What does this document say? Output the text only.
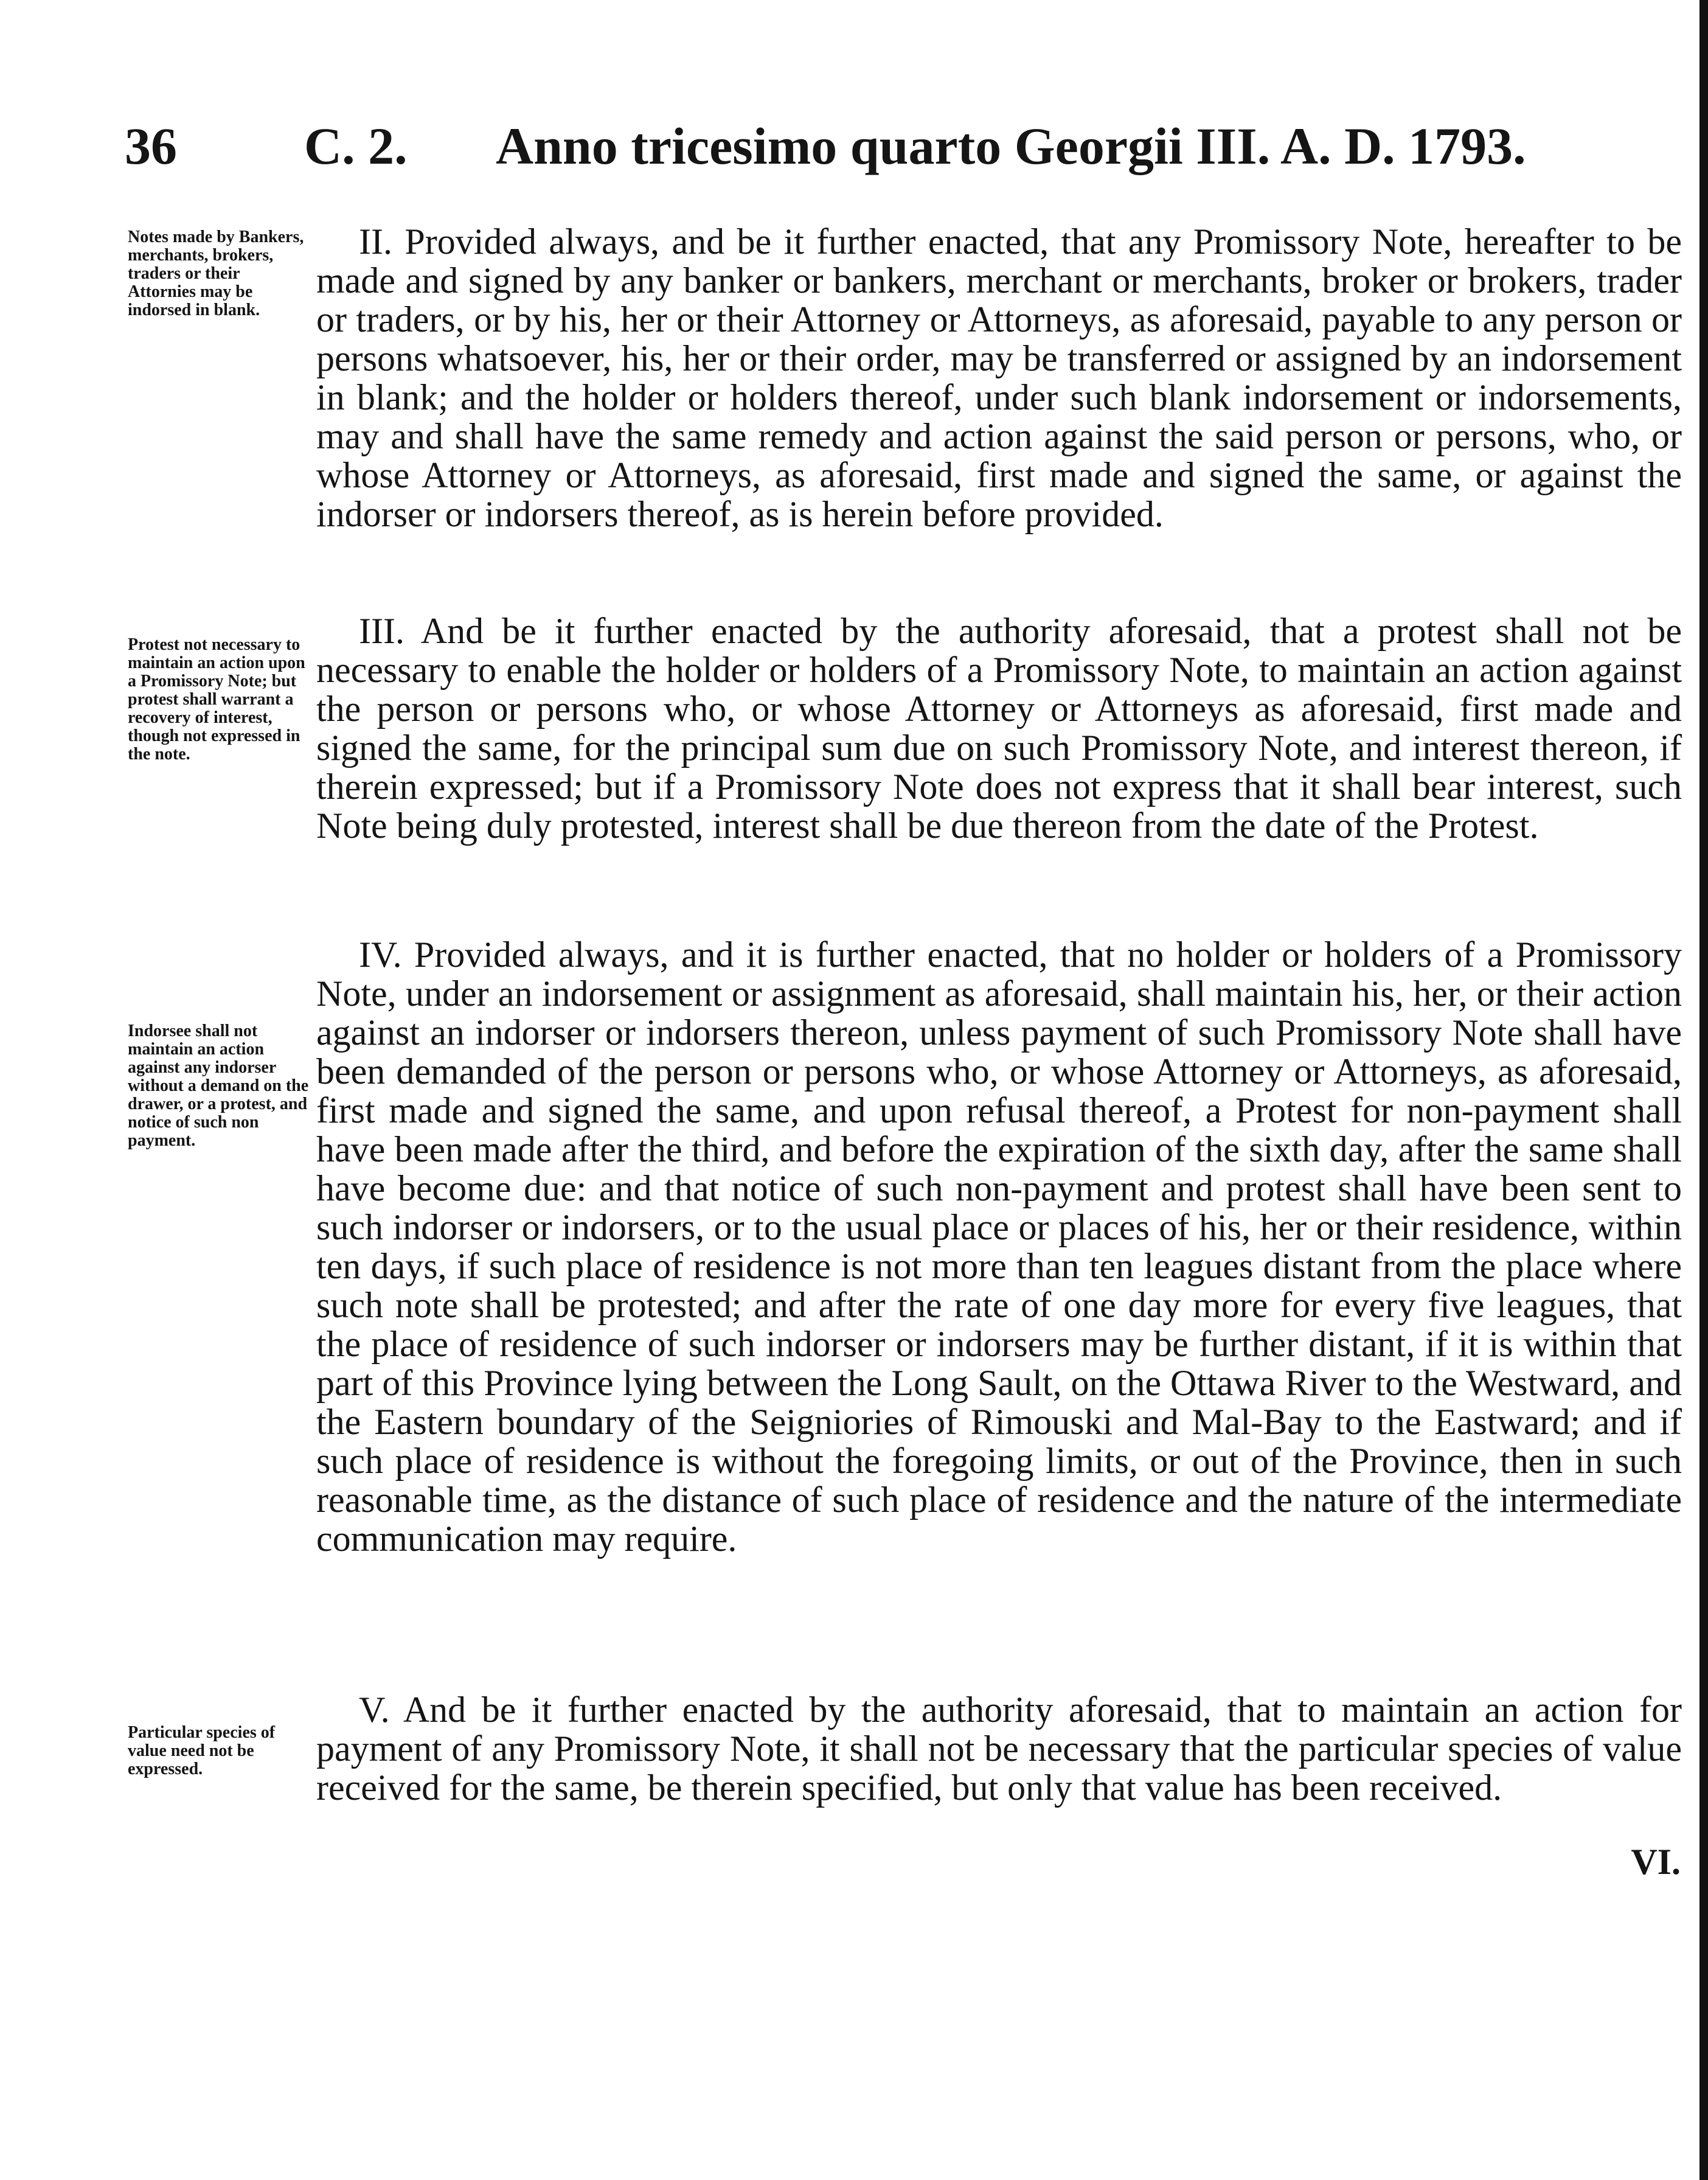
36 C. 2. Anno tricesimo quarto Georgii III. A. D. 1793.
Notes made by Bankers, merchants, brokers, traders or their Attornies may be indorsed in blank.
II. Provided always, and be it further enacted, that any Promissory Note, hereafter to be made and signed by any banker or bankers, merchant or merchants, broker or brokers, trader or traders, or by his, her or their Attorney or Attorneys, as aforesaid, payable to any person or persons whatsoever, his, her or their order, may be transferred or assigned by an indorsement in blank; and the holder or holders thereof, under such blank indorsement or indorsements, may and shall have the same remedy and action against the said person or persons, who, or whose Attorney or Attorneys, as aforesaid, first made and signed the same, or against the indorser or indorsers thereof, as is herein before provided.
Protest not necessary to maintain an action upon a Promissory Note; but protest shall warrant a recovery of interest, though not expressed in the note.
III. And be it further enacted by the authority aforesaid, that a protest shall not be necessary to enable the holder or holders of a Promissory Note, to maintain an action against the person or persons who, or whose Attorney or Attorneys as aforesaid, first made and signed the same, for the principal sum due on such Promissory Note, and interest thereon, if therein expressed; but if a Promissory Note does not express that it shall bear interest, such Note being duly protested, interest shall be due thereon from the date of the Protest.
Indorsee shall not maintain an action against any indorser without a demand on the drawer, or a protest, and notice of such non payment.
IV. Provided always, and it is further enacted, that no holder or holders of a Promissory Note, under an indorsement or assignment as aforesaid, shall maintain his, her, or their action against an indorser or indorsers thereon, unless payment of such Promissory Note shall have been demanded of the person or persons who, or whose Attorney or Attorneys, as aforesaid, first made and signed the same, and upon refusal thereof, a Protest for non-payment shall have been made after the third, and before the expiration of the sixth day, after the same shall have become due: and that notice of such non-payment and protest shall have been sent to such indorser or indorsers, or to the usual place or places of his, her or their residence, within ten days, if such place of residence is not more than ten leagues distant from the place where such note shall be protested; and after the rate of one day more for every five leagues, that the place of residence of such indorser or indorsers may be further distant, if it is within that part of this Province lying between the Long Sault, on the Ottawa River to the Westward, and the Eastern boundary of the Seigniories of Rimouski and Mal-Bay to the Eastward; and if such place of residence is without the foregoing limits, or out of the Province, then in such reasonable time, as the distance of such place of residence and the nature of the intermediate communication may require.
Particular species of value need not be expressed.
V. And be it further enacted by the authority aforesaid, that to maintain an action for payment of any Promissory Note, it shall not be necessary that the particular species of value received for the same, be therein specified, but only that value has been received.
VI.
